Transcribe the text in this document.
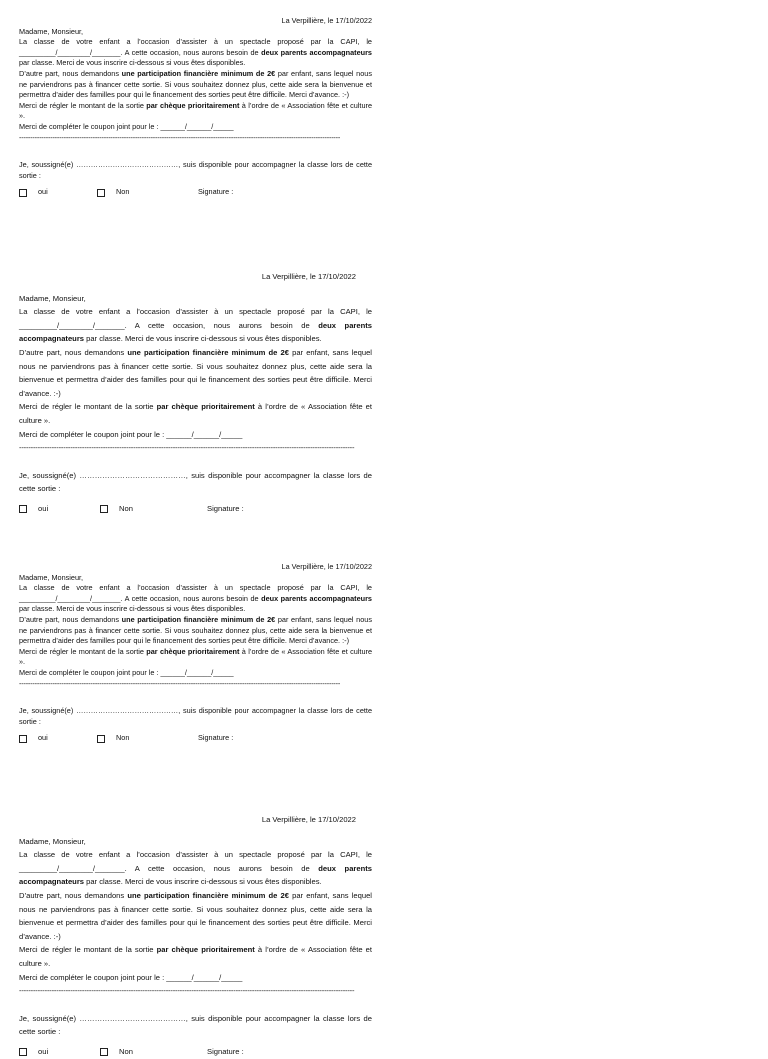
La Verpillière, le 17/10/2022
Madame, Monsieur,

La classe de votre enfant a l’occasion d’assister à un spectacle proposé par la CAPI, le _________/________/_______. A cette occasion, nous aurons besoin de deux parents accompagnateurs par classe. Merci de vous inscrire ci-dessous si vous êtes disponibles.

D’autre part, nous demandons une participation financière minimum de 2€ par enfant, sans lequel nous ne parviendrons pas à financer cette sortie. Si vous souhaitez donnez plus, cette aide sera la bienvenue et permettra d’aider des familles pour qui le financement des sorties peut être difficile. Merci d’avance. :-)

Merci de régler le montant de la sortie par chèque prioritairement à l’ordre de « Association fête et culture ».

Merci de compléter le coupon joint pour le : ______/______/_____
------------------------------------------------------------------------------------------------------------------------------------------------

Je, soussigné(e) ……………………………………, suis disponible pour accompagner la classe lors de cette sortie :

oui	Non	Signature :
La Verpillière, le 17/10/2022
Madame, Monsieur,

La classe de votre enfant a l’occasion d’assister à un spectacle proposé par la CAPI, le _________/________/_______. A cette occasion, nous aurons besoin de deux parents accompagnateurs par classe. Merci de vous inscrire ci-dessous si vous êtes disponibles.

D’autre part, nous demandons une participation financière minimum de 2€ par enfant, sans lequel nous ne parviendrons pas à financer cette sortie. Si vous souhaitez donnez plus, cette aide sera la bienvenue et permettra d’aider des familles pour qui le financement des sorties peut être difficile. Merci d’avance. :-)

Merci de régler le montant de la sortie par chèque prioritairement à l’ordre de « Association fête et culture ».

Merci de compléter le coupon joint pour le : ______/______/_____
------------------------------------------------------------------------------------------------------------------------------------------------

Je, soussigné(e) ……………………………………, suis disponible pour accompagner la classe lors de cette sortie :

oui	Non	Signature :
La Verpillière, le 17/10/2022
Madame, Monsieur,

La classe de votre enfant a l’occasion d’assister à un spectacle proposé par la CAPI, le _________/________/_______. A cette occasion, nous aurons besoin de deux parents accompagnateurs par classe. Merci de vous inscrire ci-dessous si vous êtes disponibles.

D’autre part, nous demandons une participation financière minimum de 2€ par enfant, sans lequel nous ne parviendrons pas à financer cette sortie. Si vous souhaitez donnez plus, cette aide sera la bienvenue et permettra d’aider des familles pour qui le financement des sorties peut être difficile. Merci d’avance. :-)

Merci de régler le montant de la sortie par chèque prioritairement à l’ordre de « Association fête et culture ».

Merci de compléter le coupon joint pour le : ______/______/_____
------------------------------------------------------------------------------------------------------------------------------------------------

Je, soussigné(e) ……………………………………, suis disponible pour accompagner la classe lors de cette sortie :

oui	Non	Signature :
La Verpillière, le 17/10/2022
Madame, Monsieur,

La classe de votre enfant a l’occasion d’assister à un spectacle proposé par la CAPI, le _________/________/_______. A cette occasion, nous aurons besoin de deux parents accompagnateurs par classe. Merci de vous inscrire ci-dessous si vous êtes disponibles.

D’autre part, nous demandons une participation financière minimum de 2€ par enfant, sans lequel nous ne parviendrons pas à financer cette sortie. Si vous souhaitez donnez plus, cette aide sera la bienvenue et permettra d’aider des familles pour qui le financement des sorties peut être difficile. Merci d’avance. :-)

Merci de régler le montant de la sortie par chèque prioritairement à l’ordre de « Association fête et culture ».

Merci de compléter le coupon joint pour le : ______/______/_____
------------------------------------------------------------------------------------------------------------------------------------------------

Je, soussigné(e) ……………………………………, suis disponible pour accompagner la classe lors de cette sortie :

oui	Non	Signature :
